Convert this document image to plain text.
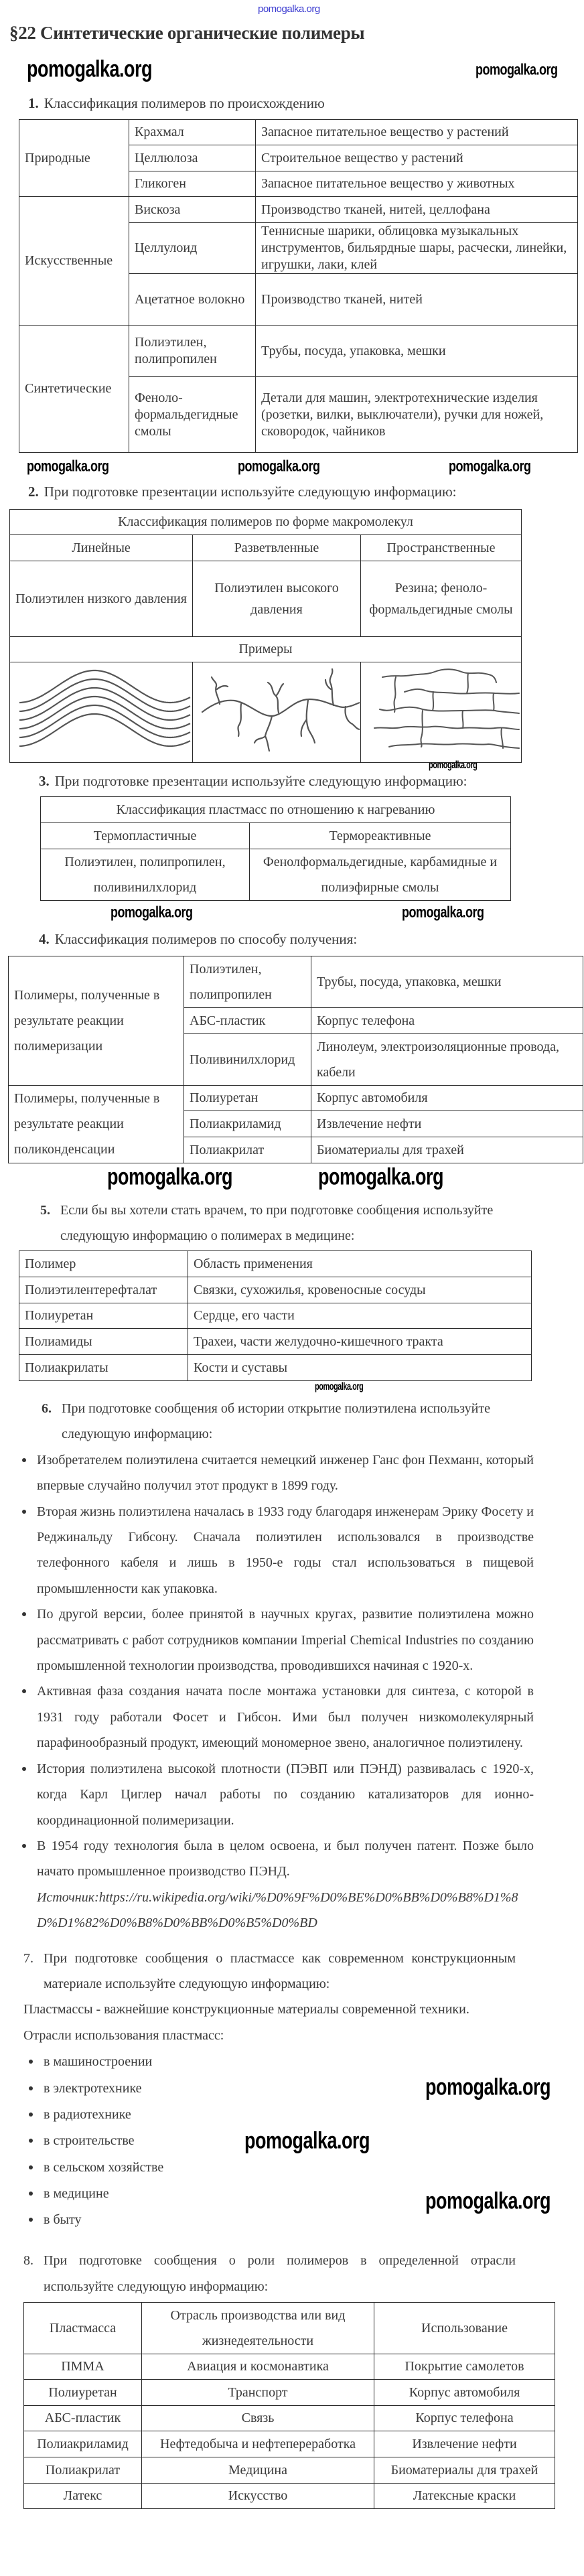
§22 Синтетические органические полимеры
1. Классификация полимеров по происхождению
Природные	Крахмал	Запасное питательное вещество у растений
	Целлюлоза	Строительное вещество у растений
	Гликоген	Запасное питательное вещество у животных
Искусственные	Вискоза	Производство тканей, нитей, целлофана
	Целлулоид	Теннисные шарики, облицовка музыкальных инструментов, бильярдные шары, расчески, линейки, игрушки, лаки, клей
	Ацетатное волокно	Производство тканей, нитей
Синтетические	Полиэтилен, полипропилен	Трубы, посуда, упаковка, мешки
	Феноло-формальдегидные смолы	Детали для машин, электротехнические изделия (розетки, вилки, выключатели), ручки для ножей, сковородок, чайников
2. При подготовке презентации используйте следующую информацию:
Классификация полимеров по форме макромолекул		
Линейные	Разветвленные	Пространственные
Полиэтилен низкого давления	Полиэтилен высокого давления	Резина; феноло-формальдегидные смолы
Примеры		

3. При подготовке презентации используйте следующую информацию:
Классификация пластмасс по отношению к нагреванию	
Термопластичные	Термореактивные
Полиэтилен, полипропилен, поливинилхлорид	Фенолформальдегидные, карбамидные и полиэфирные смолы
4. Классификация полимеров по способу получения:
Полимеры, полученные в результате реакции полимеризации	Полиэтилен, полипропилен	Трубы, посуда, упаковка, мешки
	АБС-пластик	Корпус телефона
	Поливинилхлорид	Линолеум, электроизоляционные провода, кабели
Полимеры, полученные в результате реакции поликонденсации	Полиуретан	Корпус автомобиля
	Полиакриламид	Извлечение нефти
	Полиакрилат	Биоматериалы для трахей
5. Если бы вы хотели стать врачем, то при подготовке сообщения используйте следующую информацию о полимерах в медицине:
Полимер	Область применения
Полиэтилентерефталат	Связки, сухожилья, кровеносные сосуды
Полиуретан	Сердце, его части
Полиамиды	Трахеи, части желудочно-кишечного тракта
Полиакрилаты	Кости и суставы
6. При подготовке сообщения об истории открытие полиэтилена используйте следующую информацию:
Изобретателем полиэтилена считается немецкий инженер Ганс фон Пехманн, который впервые случайно получил этот продукт в 1899 году.
Вторая жизнь полиэтилена началась в 1933 году благодаря инженерам Эрику Фосету и Реджинальду Гибсону. Сначала полиэтилен использовался в производстве телефонного кабеля и лишь в 1950-е годы стал использоваться в пищевой промышленности как упаковка.
По другой версии, более принятой в научных кругах, развитие полиэтилена можно рассматривать с работ сотрудников компании Imperial Chemical Industries по созданию промышленной технологии производства, проводившихся начиная с 1920-х.
Активная фаза создания начата после монтажа установки для синтеза, с которой в 1931 году работали Фосет и Гибсон. Ими был получен низкомолекулярный парафинообразный продукт, имеющий мономерное звено, аналогичное полиэтилену.
История полиэтилена высокой плотности (ПЭВП или ПЭНД) развивалась с 1920-х, когда Карл Циглер начал работы по созданию катализаторов для ионно-координационной полимеризации.
В 1954 году технология была в целом освоена, и был получен патент. Позже было начато промышленное производство ПЭНД.
Источник:https://ru.wikipedia.org/wiki/%D0%9F%D0%BE%D0%BB%D0%B8%D1%8D%D1%82%D0%B8%D0%BB%D0%B5%D0%BD
7. При подготовке сообщения о пластмассе как современном конструкционным материале используйте следующую информацию:
Пластмассы - важнейшие конструкционные материалы современной техники.
Отрасли использования пластмасс:
в машиностроении
в электротехнике
в радиотехнике
в строительстве
в сельском хозяйстве
в медицине
в быту
pomogalka.org
pomogalka.org
pomogalka.org
8. При подготовке сообщения о роли полимеров в определенной отрасли используйте следующую информацию:
Пластмасса	Отрасль производства или вид жизнедеятельности	Использование
ПММА	Авиация и космонавтика	Покрытие самолетов
Полиуретан	Транспорт	Корпус автомобиля
АБС-пластик	Связь	Корпус телефона
Полиакриламид	Нефтедобыча и нефтепереработка	Извлечение нефти
Полиакрилат	Медицина	Биоматериалы для трахей
Латекс	Искусство	Латексные краски
pomogalka.org
pomogalka.org
pomogalka.org
pomogalka.org	pomogalka.org	pomogalka.org
pomogalka.org
pomogalka.org	pomogalka.org
pomogalka.org	pomogalka.org
pomogalka.org
